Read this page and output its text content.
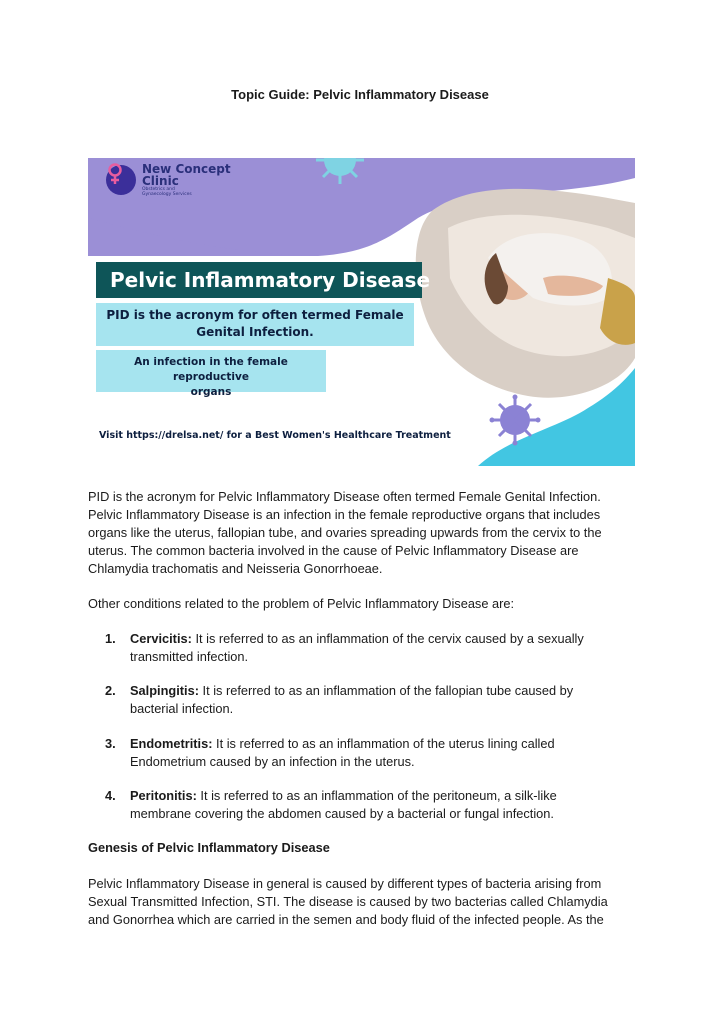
Topic Guide: Pelvic Inflammatory Disease
New Concept
Clinic
Obstetrics and
Gynaecology Services
Pelvic Inflammatory Disease
PID is the acronym for often termed Female
Genital Infection.
An infection in the female reproductive
organs
Visit https://drelsa.net/ for a Best Women's Healthcare Treatment
PID is the acronym for Pelvic Inflammatory Disease often termed Female Genital Infection.
Pelvic Inflammatory Disease is an infection in the female reproductive organs that includes
organs like the uterus, fallopian tube, and ovaries spreading upwards from the cervix to the
uterus. The common bacteria involved in the cause of Pelvic Inflammatory Disease are
Chlamydia trachomatis and Neisseria Gonorrhoeae.
Other conditions related to the problem of Pelvic Inflammatory Disease are:
1. Cervicitis: It is referred to as an inflammation of the cervix caused by a sexually
transmitted infection.
2. Salpingitis: It is referred to as an inflammation of the fallopian tube caused by
bacterial infection.
3. Endometritis: It is referred to as an inflammation of the uterus lining called
Endometrium caused by an infection in the uterus.
4. Peritonitis: It is referred to as an inflammation of the peritoneum, a silk-like
membrane covering the abdomen caused by a bacterial or fungal infection.
Genesis of Pelvic Inflammatory Disease
Pelvic Inflammatory Disease in general is caused by different types of bacteria arising from
Sexual Transmitted Infection, STI. The disease is caused by two bacterias called Chlamydia
and Gonorrhea which are carried in the semen and body fluid of the infected people. As the
